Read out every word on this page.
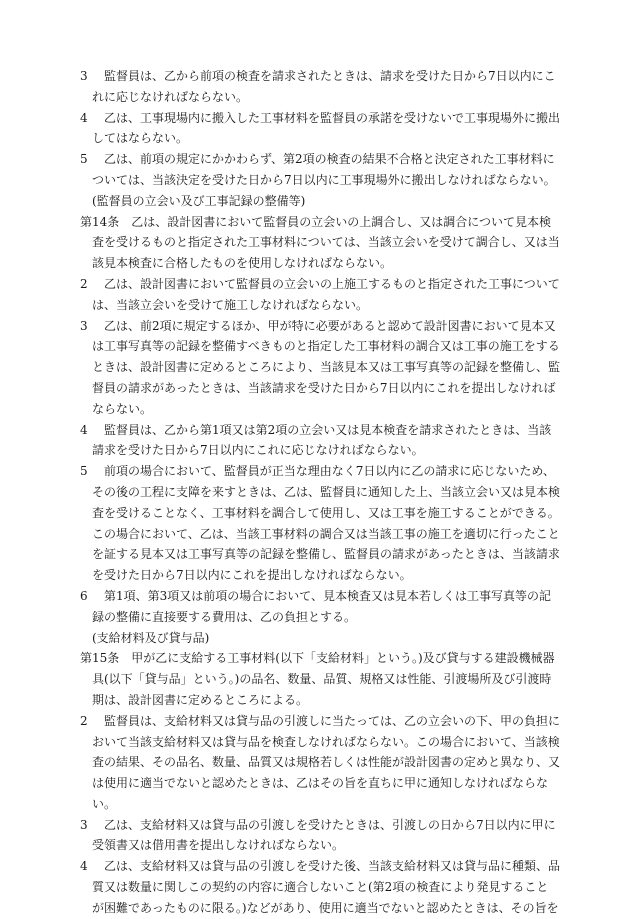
3	監督員は、乙から前項の検査を請求されたときは、請求を受けた日から7日以内にこれに応じなければならない。

4	乙は、工事現場内に搬入した工事材料を監督員の承諾を受けないで工事現場外に搬出してはならない。

5	乙は、前項の規定にかかわらず、第2項の検査の結果不合格と決定された工事材料については、当該決定を受けた日から7日以内に工事現場外に搬出しなければならない。

(監督員の立会い及び工事記録の整備等)

第14条　乙は、設計図書において監督員の立会いの上調合し、又は調合について見本検査を受けるものと指定された工事材料については、当該立会いを受けて調合し、又は当該見本検査に合格したものを使用しなければならない。

2	乙は、設計図書において監督員の立会いの上施工するものと指定された工事については、当該立会いを受けて施工しなければならない。

3	乙は、前2項に規定するほか、甲が特に必要があると認めて設計図書において見本又は工事写真等の記録を整備すべきものと指定した工事材料の調合又は工事の施工をするときは、設計図書に定めるところにより、当該見本又は工事写真等の記録を整備し、監督員の請求があったときは、当該請求を受けた日から7日以内にこれを提出しなければならない。

4	監督員は、乙から第1項又は第2項の立会い又は見本検査を請求されたときは、当該請求を受けた日から7日以内にこれに応じなければならない。

5	前項の場合において、監督員が正当な理由なく7日以内に乙の請求に応じないため、その後の工程に支障を来すときは、乙は、監督員に通知した上、当該立会い又は見本検査を受けることなく、工事材料を調合して使用し、又は工事を施工することができる。この場合において、乙は、当該工事材料の調合又は当該工事の施工を適切に行ったことを証する見本又は工事写真等の記録を整備し、監督員の請求があったときは、当該請求を受けた日から7日以内にこれを提出しなければならない。

6	第1項、第3項又は前項の場合において、見本検査又は見本若しくは工事写真等の記録の整備に直接要する費用は、乙の負担とする。

(支給材料及び貸与品)

第15条　甲が乙に支給する工事材料(以下「支給材料」という。)及び貸与する建設機械器具(以下「貸与品」という。)の品名、数量、品質、規格又は性能、引渡場所及び引渡時期は、設計図書に定めるところによる。

2	監督員は、支給材料又は貸与品の引渡しに当たっては、乙の立会いの下、甲の負担において当該支給材料又は貸与品を検査しなければならない。この場合において、当該検査の結果、その品名、数量、品質又は規格若しくは性能が設計図書の定めと異なり、又は使用に適当でないと認めたときは、乙はその旨を直ちに甲に通知しなければならない。

3	乙は、支給材料又は貸与品の引渡しを受けたときは、引渡しの日から7日以内に甲に受領書又は借用書を提出しなければならない。

4	乙は、支給材料又は貸与品の引渡しを受けた後、当該支給材料又は貸与品に種類、品質又は数量に関しこの契約の内容に適合しないこと(第2項の検査により発見することが困難であったものに限る。)などがあり、使用に適当でないと認めたときは、その旨を
